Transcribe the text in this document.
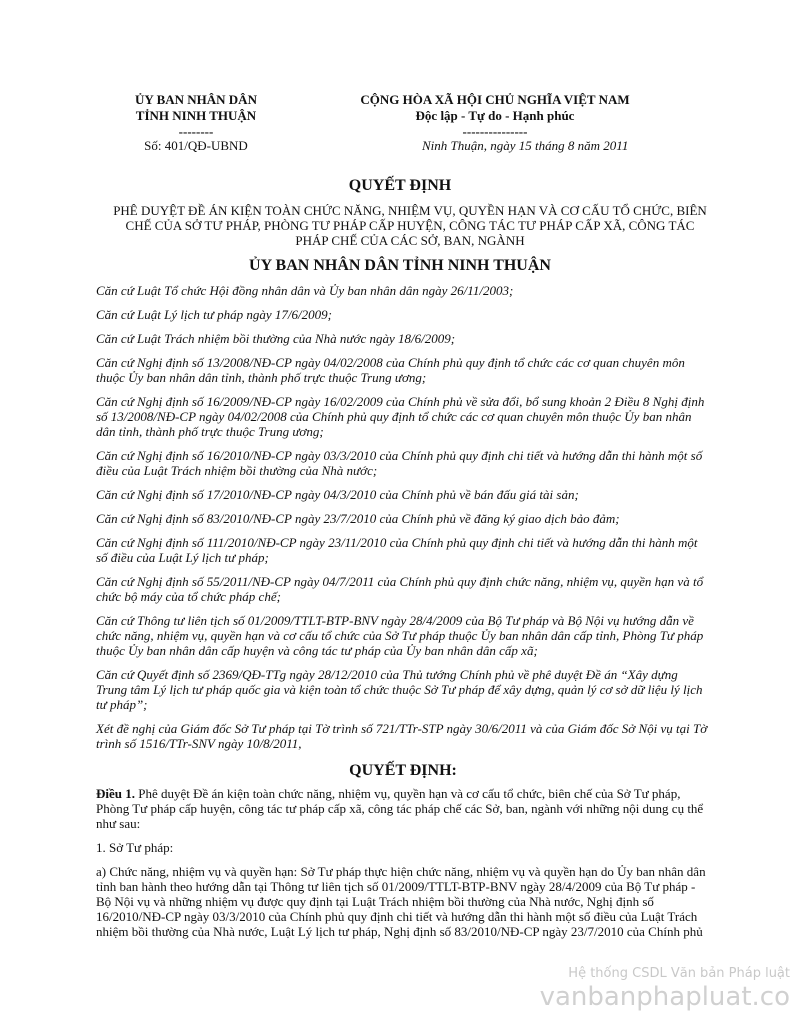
ỦY BAN NHÂN DÂN
TỈNH NINH THUẬN
--------
Số: 401/QĐ-UBND
CỘNG HÒA XÃ HỘI CHỦ NGHĨA VIỆT NAM
Độc lập - Tự do - Hạnh phúc
---------------
Ninh Thuận, ngày 15 tháng 8 năm 2011
QUYẾT ĐỊNH
PHÊ DUYỆT ĐỀ ÁN KIỆN TOÀN CHỨC NĂNG, NHIỆM VỤ, QUYỀN HẠN VÀ CƠ CẤU TỔ CHỨC, BIÊN CHẾ CỦA SỞ TƯ PHÁP, PHÒNG TƯ PHÁP CẤP HUYỆN, CÔNG TÁC TƯ PHÁP CẤP XÃ, CÔNG TÁC PHÁP CHẾ CỦA CÁC SỞ, BAN, NGÀNH
ỦY BAN NHÂN DÂN TỈNH NINH THUẬN

Căn cứ Luật Tổ chức Hội đồng nhân dân và Ủy ban nhân dân ngày 26/11/2003;

Căn cứ Luật Lý lịch tư pháp ngày 17/6/2009;

Căn cứ Luật Trách nhiệm bồi thường của Nhà nước ngày 18/6/2009;

Căn cứ Nghị định số 13/2008/NĐ-CP ngày 04/02/2008 của Chính phủ quy định tổ chức các cơ quan chuyên môn thuộc Ủy ban nhân dân tỉnh, thành phố trực thuộc Trung ương;

Căn cứ Nghị định số 16/2009/NĐ-CP ngày 16/02/2009 của Chính phủ về sửa đổi, bổ sung khoản 2 Điều 8 Nghị định số 13/2008/NĐ-CP ngày 04/02/2008 của Chính phủ quy định tổ chức các cơ quan chuyên môn thuộc Ủy ban nhân dân tỉnh, thành phố trực thuộc Trung ương;

Căn cứ Nghị định số 16/2010/NĐ-CP ngày 03/3/2010 của Chính phủ quy định chi tiết và hướng dẫn thi hành một số điều của Luật Trách nhiệm bồi thường của Nhà nước;

Căn cứ Nghị định số 17/2010/NĐ-CP ngày 04/3/2010 của Chính phủ về bán đấu giá tài sản;

Căn cứ Nghị định số 83/2010/NĐ-CP ngày 23/7/2010 của Chính phủ về đăng ký giao dịch bảo đảm;

Căn cứ Nghị định số 111/2010/NĐ-CP ngày 23/11/2010 của Chính phủ quy định chi tiết và hướng dẫn thi hành một số điều của Luật Lý lịch tư pháp;

Căn cứ Nghị định số 55/2011/NĐ-CP ngày 04/7/2011 của Chính phủ quy định chức năng, nhiệm vụ, quyền hạn và tổ chức bộ máy của tổ chức pháp chế;

Căn cứ Thông tư liên tịch số 01/2009/TTLT-BTP-BNV ngày 28/4/2009 của Bộ Tư pháp và Bộ Nội vụ hướng dẫn về chức năng, nhiệm vụ, quyền hạn và cơ cấu tổ chức của Sở Tư pháp thuộc Ủy ban nhân dân cấp tỉnh, Phòng Tư pháp thuộc Ủy ban nhân dân cấp huyện và công tác tư pháp của Ủy ban nhân dân cấp xã;

Căn cứ Quyết định số 2369/QĐ-TTg ngày 28/12/2010 của Thủ tướng Chính phủ về phê duyệt Đề án “Xây dựng Trung tâm Lý lịch tư pháp quốc gia và kiện toàn tổ chức thuộc Sở Tư pháp để xây dựng, quản lý cơ sở dữ liệu lý lịch tư pháp”;

Xét đề nghị của Giám đốc Sở Tư pháp tại Tờ trình số 721/TTr-STP ngày 30/6/2011 và của Giám đốc Sở Nội vụ tại Tờ trình số 1516/TTr-SNV ngày 10/8/2011,

QUYẾT ĐỊNH:

Điều 1. Phê duyệt Đề án kiện toàn chức năng, nhiệm vụ, quyền hạn và cơ cấu tổ chức, biên chế của Sở Tư pháp, Phòng Tư pháp cấp huyện, công tác tư pháp cấp xã, công tác pháp chế các Sở, ban, ngành với những nội dung cụ thể như sau:

1. Sở Tư pháp:

a) Chức năng, nhiệm vụ và quyền hạn: Sở Tư pháp thực hiện chức năng, nhiệm vụ và quyền hạn do Ủy ban nhân dân tỉnh ban hành theo hướng dẫn tại Thông tư liên tịch số 01/2009/TTLT-BTP-BNV ngày 28/4/2009 của Bộ Tư pháp - Bộ Nội vụ và những nhiệm vụ được quy định tại Luật Trách nhiệm bồi thường của Nhà nước, Nghị định số 16/2010/NĐ-CP ngày 03/3/2010 của Chính phủ quy định chi tiết và hướng dẫn thi hành một số điều của Luật Trách nhiệm bồi thường của Nhà nước, Luật Lý lịch tư pháp, Nghị định số 83/2010/NĐ-CP ngày 23/7/2010 của Chính phủ

Hệ thống CSDL Văn bản Pháp luật
vanbanphapluat.co
